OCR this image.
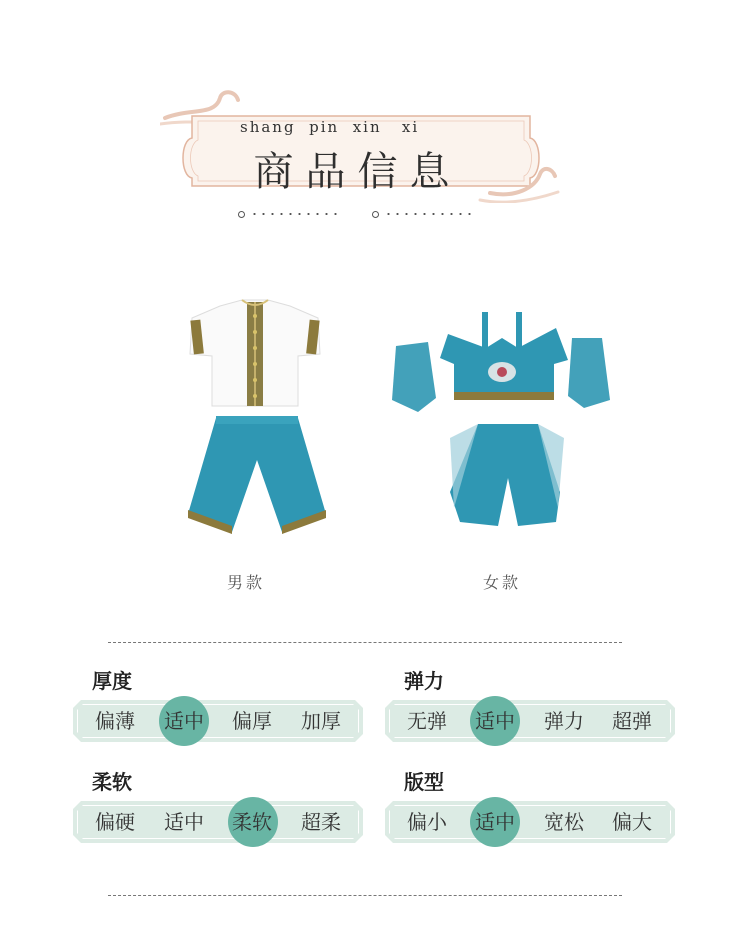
shang  pin  xin   xi
商品信息
男款	女款
厚度
偏薄	适中	偏厚	加厚
弹力
无弹	适中	弹力	超弹
柔软
偏硬	适中	柔软	超柔
版型
偏小	适中	宽松	偏大
